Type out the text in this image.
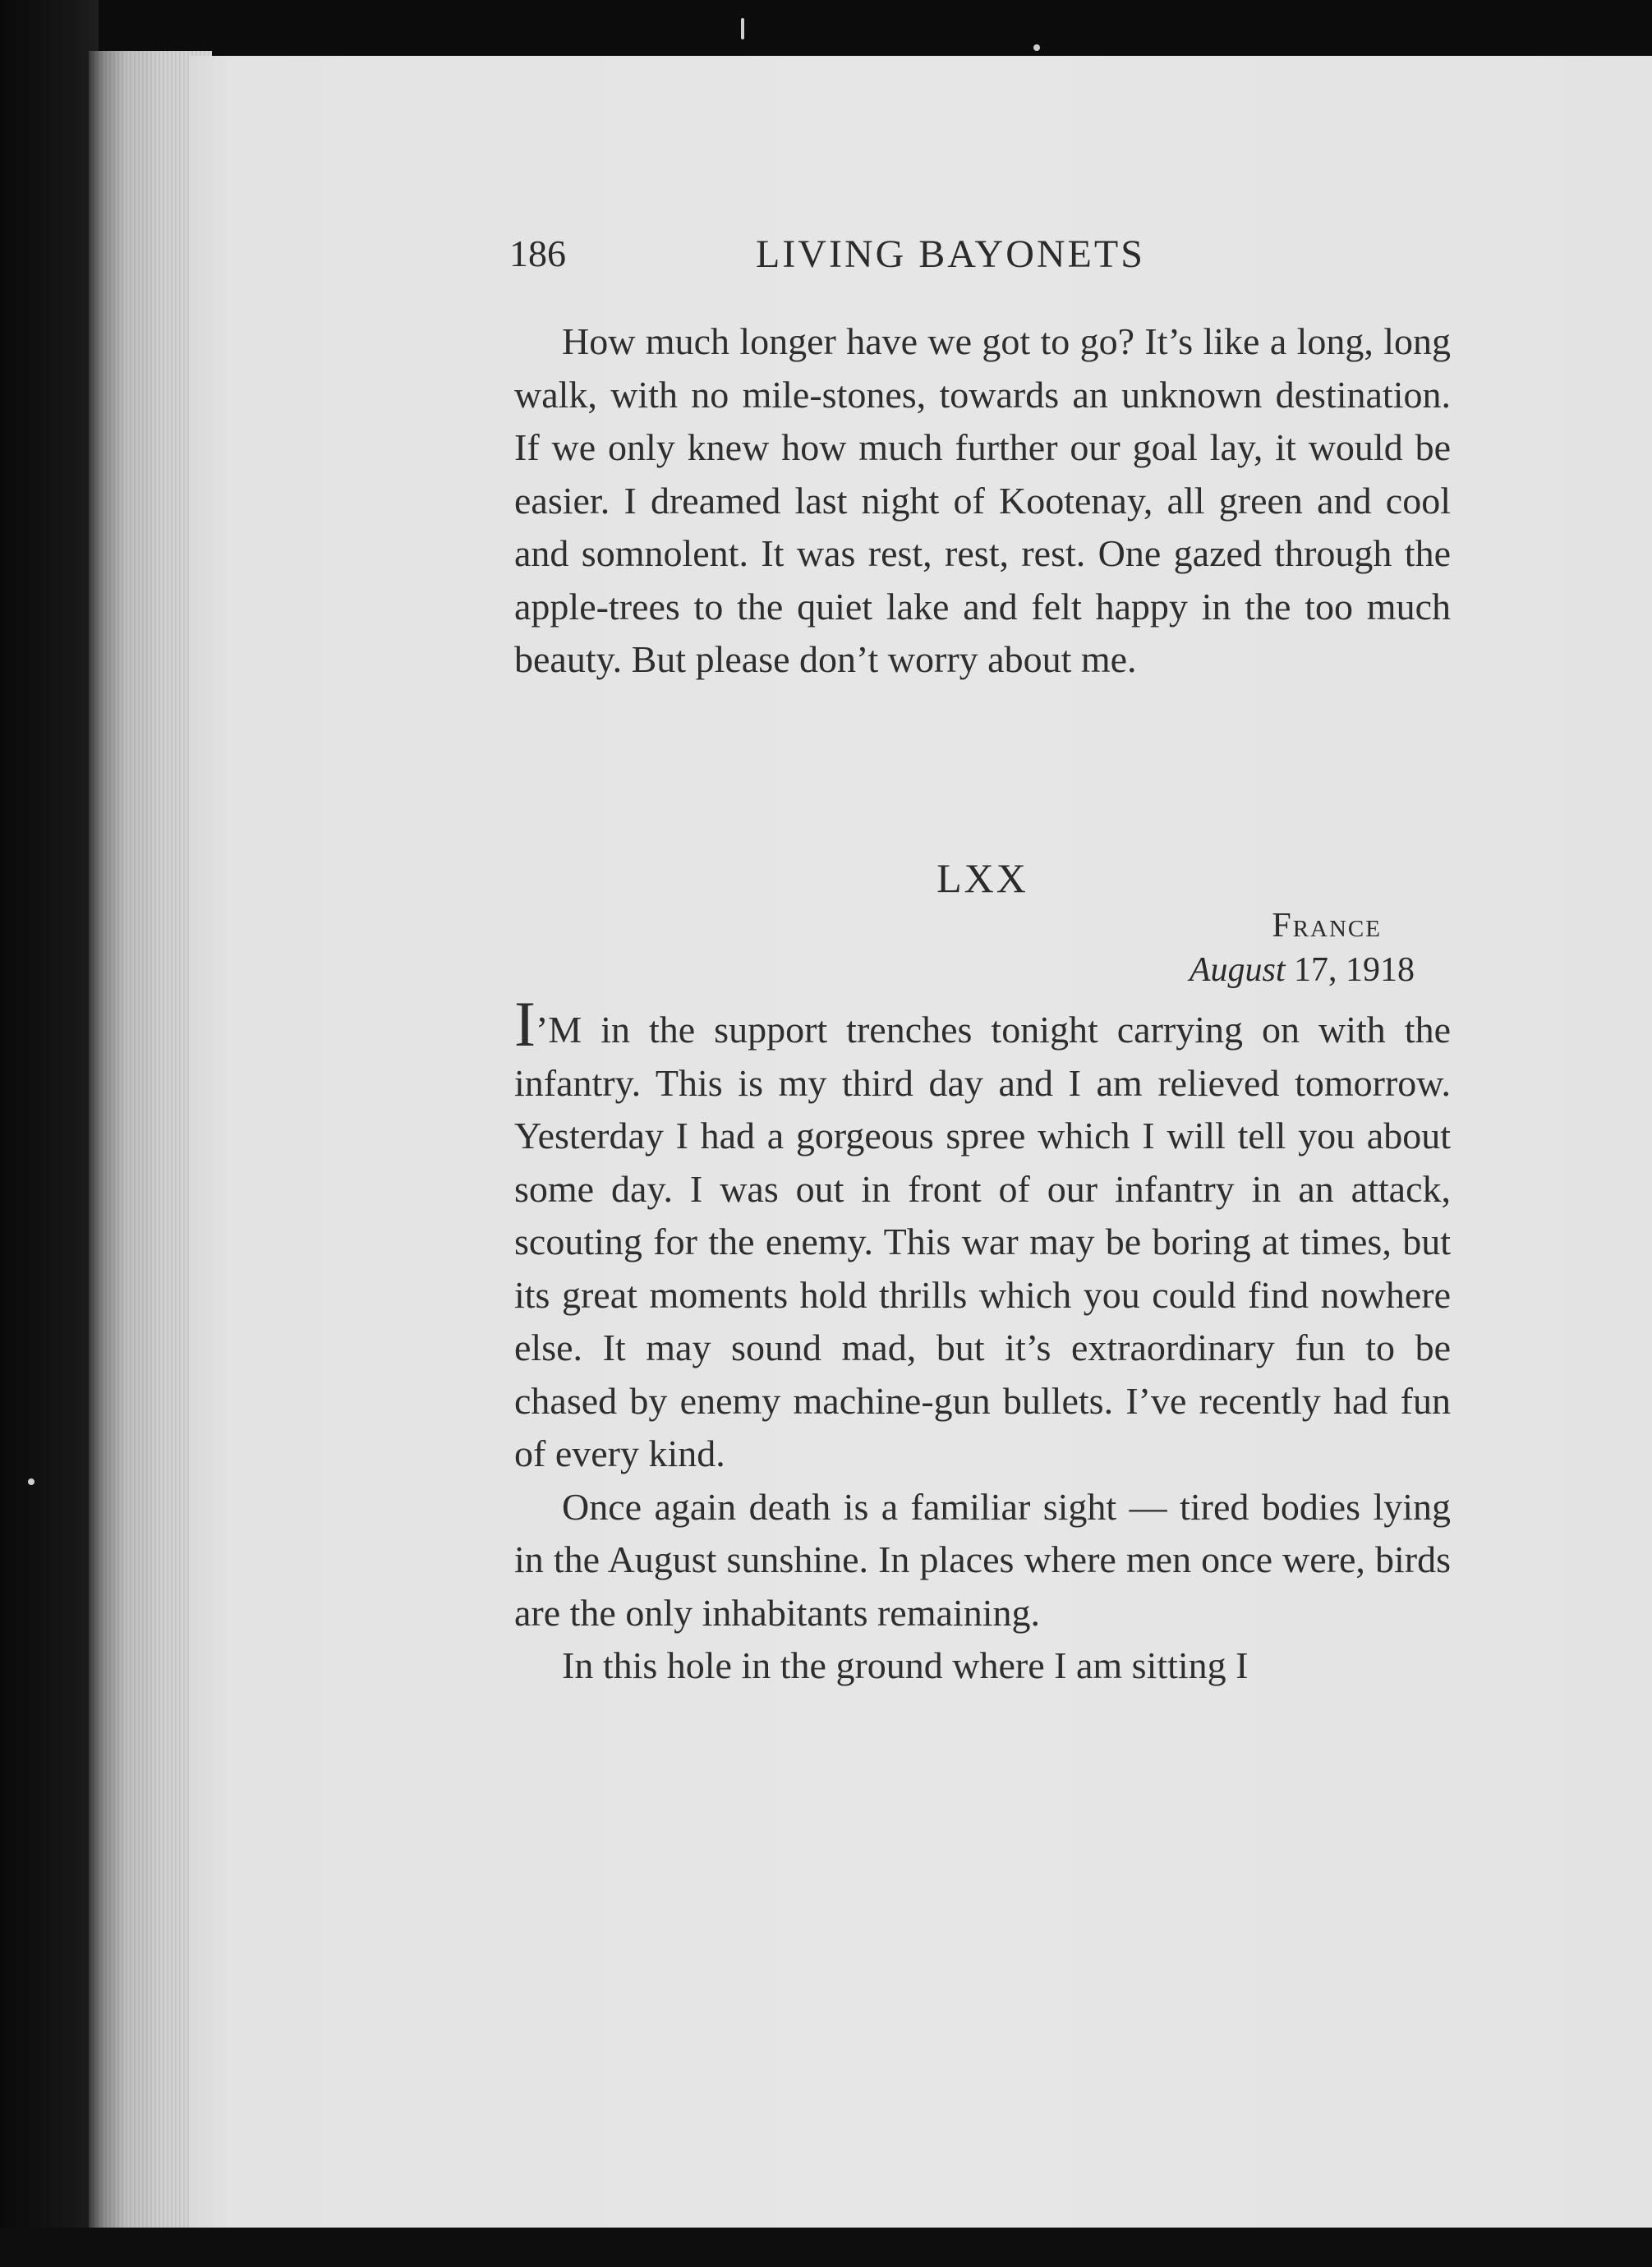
186	LIVING BAYONETS

How much longer have we got to go? It’s like a long, long walk, with no mile-stones, towards an unknown destination. If we only knew how much further our goal lay, it would be easier. I dreamed last night of Kootenay, all green and cool and somnolent. It was rest, rest, rest. One gazed through the apple-trees to the quiet lake and felt happy in the too much beauty. But please don’t worry about me.

LXX
France
August 17, 1918

I’M in the support trenches tonight carrying on with the infantry. This is my third day and I am relieved tomorrow. Yesterday I had a gorgeous spree which I will tell you about some day. I was out in front of our infantry in an attack, scouting for the enemy. This war may be boring at times, but its great moments hold thrills which you could find nowhere else. It may sound mad, but it’s extraordinary fun to be chased by enemy machine-gun bullets. I’ve recently had fun of every kind.

Once again death is a familiar sight — tired bodies lying in the August sunshine. In places where men once were, birds are the only inhabitants remaining.

In this hole in the ground where I am sitting I
